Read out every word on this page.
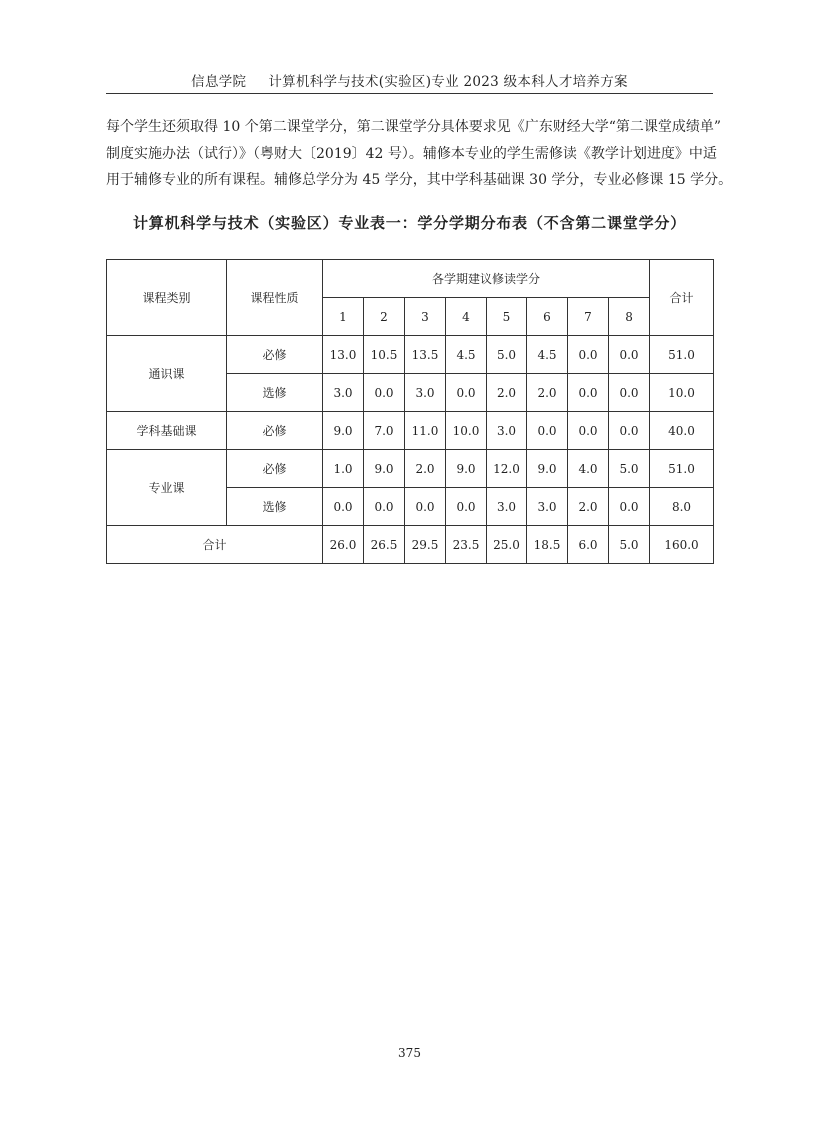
信息学院 计算机科学与技术(实验区)专业 2023 级本科人才培养方案

每个学生还须取得 10 个第二课堂学分，第二课堂学分具体要求见《广东财经大学“第二课堂成绩单”

制度实施办法（试行）》（粤财大〔2019〕42 号）。辅修本专业的学生需修读《教学计划进度》中适

用于辅修专业的所有课程。辅修总学分为 45 学分，其中学科基础课 30 学分，专业必修课 15 学分。

计算机科学与技术（实验区）专业表一：学分学期分布表（不含第二课堂学分）
课程类别	课程性质	各学期建议修读学分								合计
		1	2	3	4	5	6	7	8	
通识课	必修	13.0	10.5	13.5	4.5	5.0	4.5	0.0	0.0	51.0
	选修	3.0	0.0	3.0	0.0	2.0	2.0	0.0	0.0	10.0
学科基础课	必修	9.0	7.0	11.0	10.0	3.0	0.0	0.0	0.0	40.0
专业课	必修	1.0	9.0	2.0	9.0	12.0	9.0	4.0	5.0	51.0
	选修	0.0	0.0	0.0	0.0	3.0	3.0	2.0	0.0	8.0
合计		26.0	26.5	29.5	23.5	25.0	18.5	6.0	5.0	160.0
375
